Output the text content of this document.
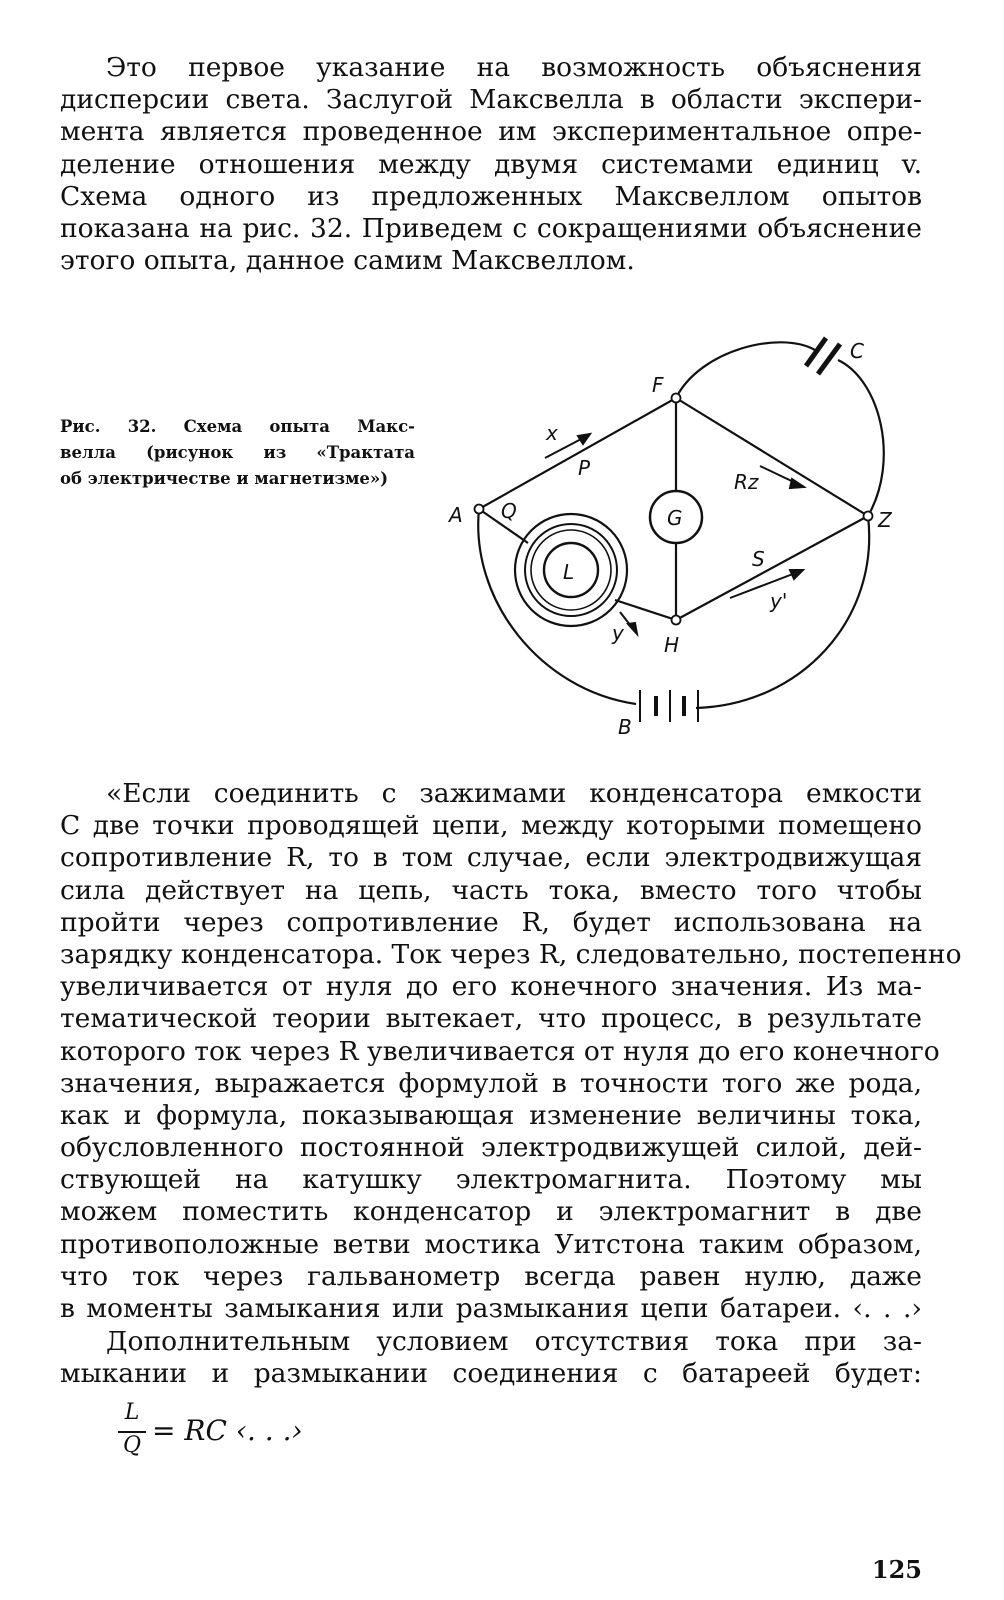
Это первое указание на возможность объяснения
дисперсии света. Заслугой Максвелла в области экспери-
мента является проведенное им экспериментальное опре-
деление отношения между двумя системами единиц v.
Схема одного из предложенных Максвеллом опытов
показана на рис. 32. Приведем с сокращениями объяснение
этого опыта, данное самим Максвеллом.
Рис. 32. Схема опыта Макс-
велла (рисунок из «Трактата
об электричестве и магнетизме»)
A
F
Z
H
B
C
G
L
P
Q
S
Rz
x
y
y'
«Если соединить с зажимами конденсатора емкости
C две точки проводящей цепи, между которыми помещено
сопротивление R, то в том случае, если электродвижущая
сила действует на цепь, часть тока, вместо того чтобы
пройти через сопротивление R, будет использована на
зарядку конденсатора. Ток через R, следовательно, постепенно
увеличивается от нуля до его конечного значения. Из ма-
тематической теории вытекает, что процесс, в результате
которого ток через R увеличивается от нуля до его конечного
значения, выражается формулой в точности того же рода,
как и формула, показывающая изменение величины тока,
обусловленного постоянной электродвижущей силой, дей-
ствующей на катушку электромагнита. Поэтому мы
можем поместить конденсатор и электромагнит в две
противоположные ветви мостика Уитстона таким образом,
что ток через гальванометр всегда равен нулю, даже
в моменты замыкания или размыкания цепи батареи. ‹. . .›
Дополнительным условием отсутствия тока при за-
мыкании и размыкании соединения с батареей будет:
L
Q = RC ‹. . .›
125
